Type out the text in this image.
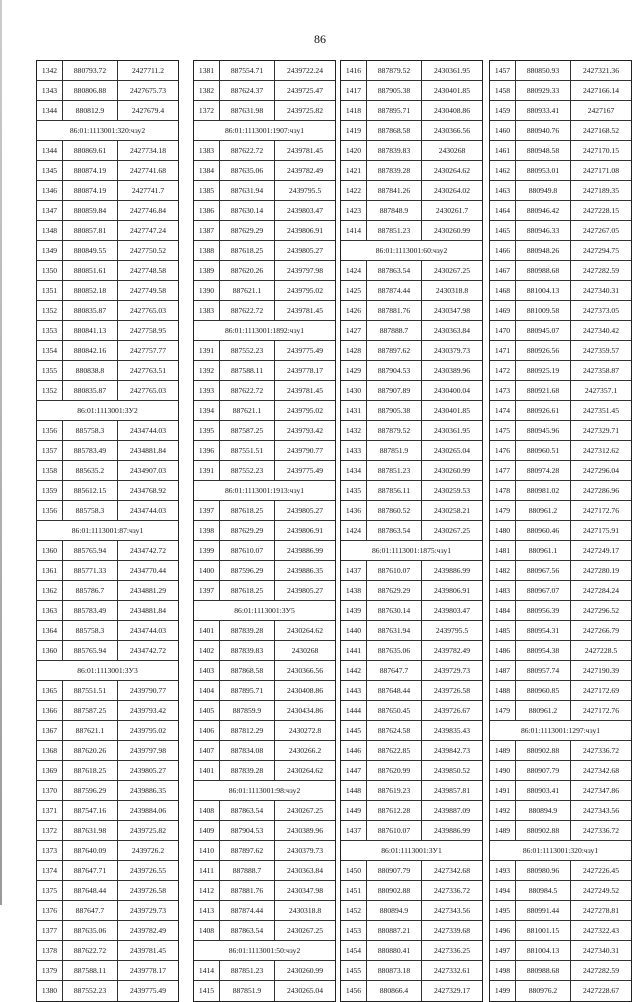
86
1342	880793.72	2427711.2
1343	880806.88	2427675.73
1344	880812.9	2427679.4
86:01:1113001:320:чзу2
1344	880869.61	2427734.18
1345	880874.19	2427741.68
1346	880874.19	2427741.7
1347	880859.84	2427746.84
1348	880857.81	2427747.24
1349	880849.55	2427750.52
1350	880851.61	2427748.58
1351	880852.18	2427749.58
1352	880835.87	2427765.03
1353	880841.13	2427758.95
1354	880842.16	2427757.77
1355	880838.8	2427763.51
1352	880835.87	2427765.03
86:01:1113001:3У2
1356	885758.3	2434744.03
1357	885783.49	2434881.84
1358	885635.2	2434907.03
1359	885612.15	2434768.92
1356	885758.3	2434744.03
86:01:1113001:87:чзу1
1360	885765.94	2434742.72
1361	885771.33	2434770.44
1362	885786.7	2434881.29
1363	885783.49	2434881.84
1364	885758.3	2434744.03
1360	885765.94	2434742.72
86:01:1113001:3У3
1365	887551.51	2439790.77
1366	887587.25	2439793.42
1367	887621.1	2439795.02
1368	887620.26	2439797.98
1369	887618.25	2439805.27
1370	887596.29	2439886.35
1371	887547.16	2439884.06
1372	887631.98	2439725.82
1373	887640.09	2439726.2
1374	887647.71	2439726.55
1375	887648.44	2439726.58
1376	887647.7	2439729.73
1377	887635.06	2439782.49
1378	887622.72	2439781.45
1379	887588.11	2439778.17
1380	887552.23	2439775.49
1381	887554.71	2439722.24
1382	887624.37	2439725.47
1372	887631.98	2439725.82
86:01:1113001:1907:чзу1
1383	887622.72	2439781.45
1384	887635.06	2439782.49
1385	887631.94	2439795.5
1386	887630.14	2439803.47
1387	887629.29	2439806.91
1388	887618.25	2439805.27
1389	887620.26	2439797.98
1390	887621.1	2439795.02
1383	887622.72	2439781.45
86:01:1113001:1892:чзу1
1391	887552.23	2439775.49
1392	887588.11	2439778.17
1393	887622.72	2439781.45
1394	887621.1	2439795.02
1395	887587.25	2439793.42
1396	887551.51	2439790.77
1391	887552.23	2439775.49
86:01:1113001:1913:чзу1
1397	887618.25	2439805.27
1398	887629.29	2439806.91
1399	887610.07	2439886.99
1400	887596.29	2439886.35
1397	887618.25	2439805.27
86:01:1113001:3У5
1401	887839.28	2430264.62
1402	887839.83	2430268
1403	887868.58	2430366.56
1404	887895.71	2430408.86
1405	887859.9	2430434.86
1406	887812.29	2430272.8
1407	887834.08	2430266.2
1401	887839.28	2430264.62
86:01:1113001:98:чзу2
1408	887863.54	2430267.25
1409	887904.53	2430389.96
1410	887897.62	2430379.73
1411	887888.7	2430363.84
1412	887881.76	2430347.98
1413	887874.44	2430318.8
1408	887863.54	2430267.25
86:01:1113001:50:чзу2
1414	887851.23	2430260.99
1415	887851.9	2430265.04
1416	887879.52	2430361.95
1417	887905.38	2430401.85
1418	887895.71	2430408.86
1419	887868.58	2430366.56
1420	887839.83	2430268
1421	887839.28	2430264.62
1422	887841.26	2430264.02
1423	887848.9	2430261.7
1414	887851.23	2430260.99
86:01:1113001:60:чзу2
1424	887863.54	2430267.25
1425	887874.44	2430318.8
1426	887881.76	2430347.98
1427	887888.7	2430363.84
1428	887897.62	2430379.73
1429	887904.53	2430389.96
1430	887907.89	2430400.04
1431	887905.38	2430401.85
1432	887879.52	2430361.95
1433	887851.9	2430265.04
1434	887851.23	2430260.99
1435	887856.11	2430259.53
1436	887860.52	2430258.21
1424	887863.54	2430267.25
86:01:1113001:1875:чзу1
1437	887610.07	2439886.99
1438	887629.29	2439806.91
1439	887630.14	2439803.47
1440	887631.94	2439795.5
1441	887635.06	2439782.49
1442	887647.7	2439729.73
1443	887648.44	2439726.58
1444	887650.45	2439726.67
1445	887624.58	2439835.43
1446	887622.85	2439842.73
1447	887620.99	2439850.52
1448	887619.23	2439857.81
1449	887612.28	2439887.09
1437	887610.07	2439886.99
86:01:1113001:3У1
1450	880907.79	2427342.68
1451	880902.88	2427336.72
1452	880894.9	2427343.56
1453	880887.21	2427339.68
1454	880880.41	2427336.25
1455	880873.18	2427332.61
1456	880866.4	2427329.17
1457	880850.93	2427321.36
1458	880929.33	2427166.14
1459	880933.41	2427167
1460	880940.76	2427168.52
1461	880948.58	2427170.15
1462	880953.01	2427171.08
1463	880949.8	2427189.35
1464	880946.42	2427228.15
1465	880946.33	2427267.05
1466	880948.26	2427294.75
1467	880988.68	2427282.59
1468	881004.13	2427340.31
1469	881009.58	2427373.05
1470	880945.07	2427340.42
1471	880926.56	2427359.57
1472	880925.19	2427358.87
1473	880921.68	2427357.1
1474	880926.61	2427351.45
1475	880945.96	2427329.71
1476	880960.51	2427312.62
1477	880974.28	2427296.04
1478	880981.02	2427286.96
1479	880961.2	2427172.76
1480	880960.46	2427175.91
1481	880961.1	2427249.17
1482	880967.56	2427280.19
1483	880967.07	2427284.24
1484	880956.39	2427296.52
1485	880954.31	2427266.79
1486	880954.38	2427228.5
1487	880957.74	2427190.39
1488	880960.85	2427172.69
1479	880961.2	2427172.76
86:01:1113001:1297:чзу1
1489	880902.88	2427336.72
1490	880907.79	2427342.68
1491	880903.41	2427347.86
1492	880894.9	2427343.56
1489	880902.88	2427336.72
86:01:1113001:320:чзу1
1493	880980.96	2427226.45
1494	880984.5	2427249.52
1495	880991.44	2427278.81
1496	881001.15	2427322.43
1497	881004.13	2427340.31
1498	880988.68	2427282.59
1499	880976.2	2427228.67
